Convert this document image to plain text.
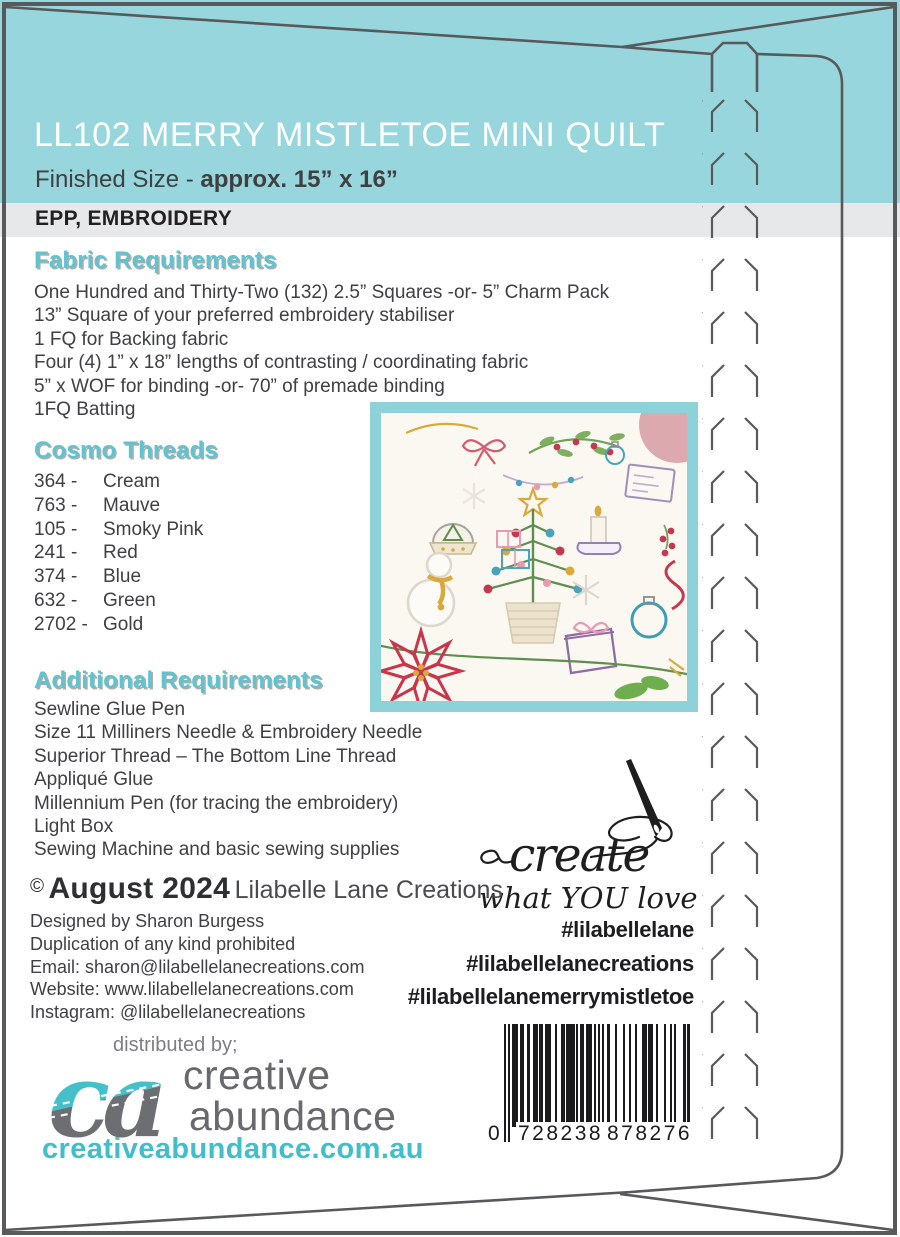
LL102 MERRY MISTLETOE MINI QUILT
Finished Size - approx. 15” x 16”
EPP, EMBROIDERY
Fabric Requirements
One Hundred and Thirty-Two (132) 2.5” Squares -or- 5” Charm Pack
13” Square of your preferred embroidery stabiliser
1 FQ for Backing fabric
Four (4) 1” x 18” lengths of contrasting / coordinating fabric
5” x WOF for binding -or- 70” of premade binding
1FQ Batting
Cosmo Threads
364 - Cream
763 - Mauve
105 - Smoky Pink
241 - Red
374 - Blue
632 - Green
2702 - Gold
Additional Requirements
Sewline Glue Pen
Size 11 Milliners Needle & Embroidery Needle
Superior Thread – The Bottom Line Thread
Appliqué Glue
Millennium Pen (for tracing the embroidery)
Light Box
Sewing Machine and basic sewing supplies	create
what YOU love
#lilabellelane
#lilabellelanecreations
#lilabellelanemerrymistletoe
© August 2024 Lilabelle Lane Creations
Designed by Sharon Burgess
Duplication of any kind prohibited
Email: sharon@lilabellelanecreations.com
Website: www.lilabellelanecreations.com
Instagram: @lilabellelanecreations
distributed by;
ca creative
abundance
creativeabundance.com.au	0 728238 878276
